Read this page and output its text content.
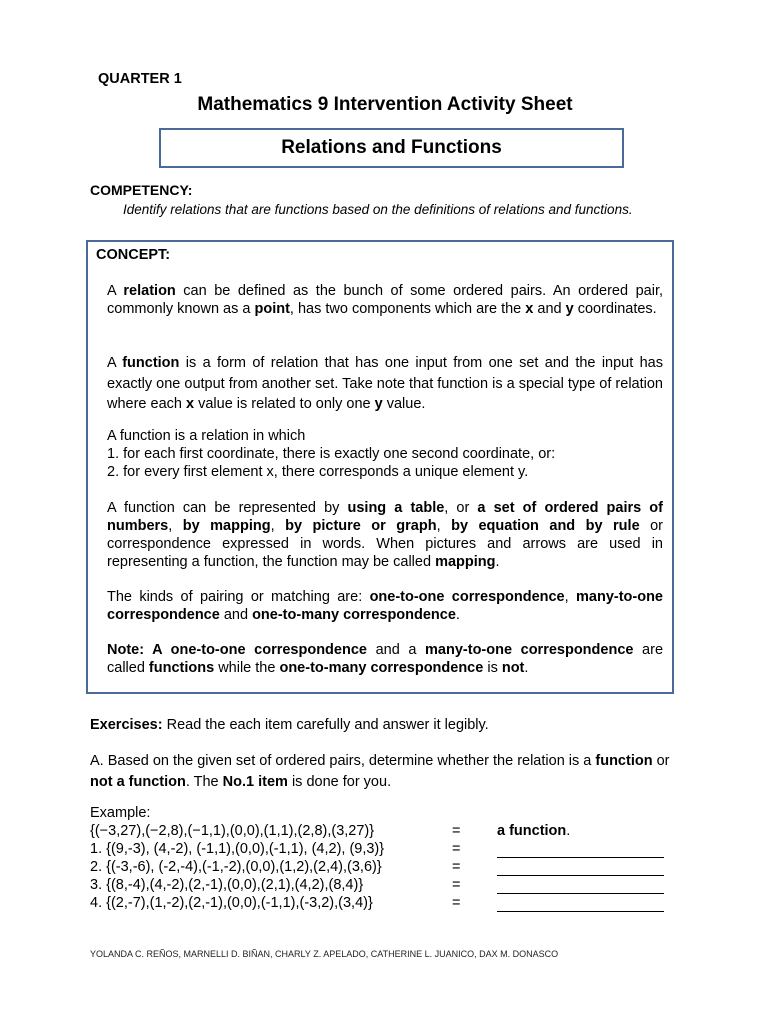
QUARTER 1
Mathematics 9 Intervention Activity Sheet
Relations and Functions
COMPETENCY:
Identify relations that are functions based on the definitions of relations and functions.
CONCEPT:
A relation can be defined as the bunch of some ordered pairs. An ordered pair, commonly known as a point, has two components which are the x and y coordinates.
A function is a form of relation that has one input from one set and the input has exactly one output from another set. Take note that function is a special type of relation where each x value is related to only one y value.
A function is a relation in which
1. for each first coordinate, there is exactly one second coordinate, or:
2. for every first element x, there corresponds a unique element y.
A function can be represented by using a table, or a set of ordered pairs of numbers, by mapping, by picture or graph, by equation and by rule or correspondence expressed in words. When pictures and arrows are used in representing a function, the function may be called mapping.
The kinds of pairing or matching are: one-to-one correspondence, many-to-one correspondence and one-to-many correspondence.
Note: A one-to-one correspondence and a many-to-one correspondence are called functions while the one-to-many correspondence is not.
Exercises: Read the each item carefully and answer it legibly.
A. Based on the given set of ordered pairs, determine whether the relation is a function or not a function. The No.1 item is done for you.
Example:
{(−3,27),(−2,8),(−1,1),(0,0),(1,1),(2,8),(3,27)}	=	a function.
1. {(9,-3), (4,-2), (-1,1),(0,0),(-1,1), (4,2), (9,3)}	=
2. {(-3,-6), (-2,-4),(-1,-2),(0,0),(1,2),(2,4),(3,6)}	=
3. {(8,-4),(4,-2),(2,-1),(0,0),(2,1),(4,2),(8,4)}	=
4. {(2,-7),(1,-2),(2,-1),(0,0),(-1,1),(-3,2),(3,4)}	=
YOLANDA C. REÑOS, MARNELLI D. BIÑAN, CHARLY Z. APELADO, CATHERINE L. JUANICO, DAX M. DONASCO
